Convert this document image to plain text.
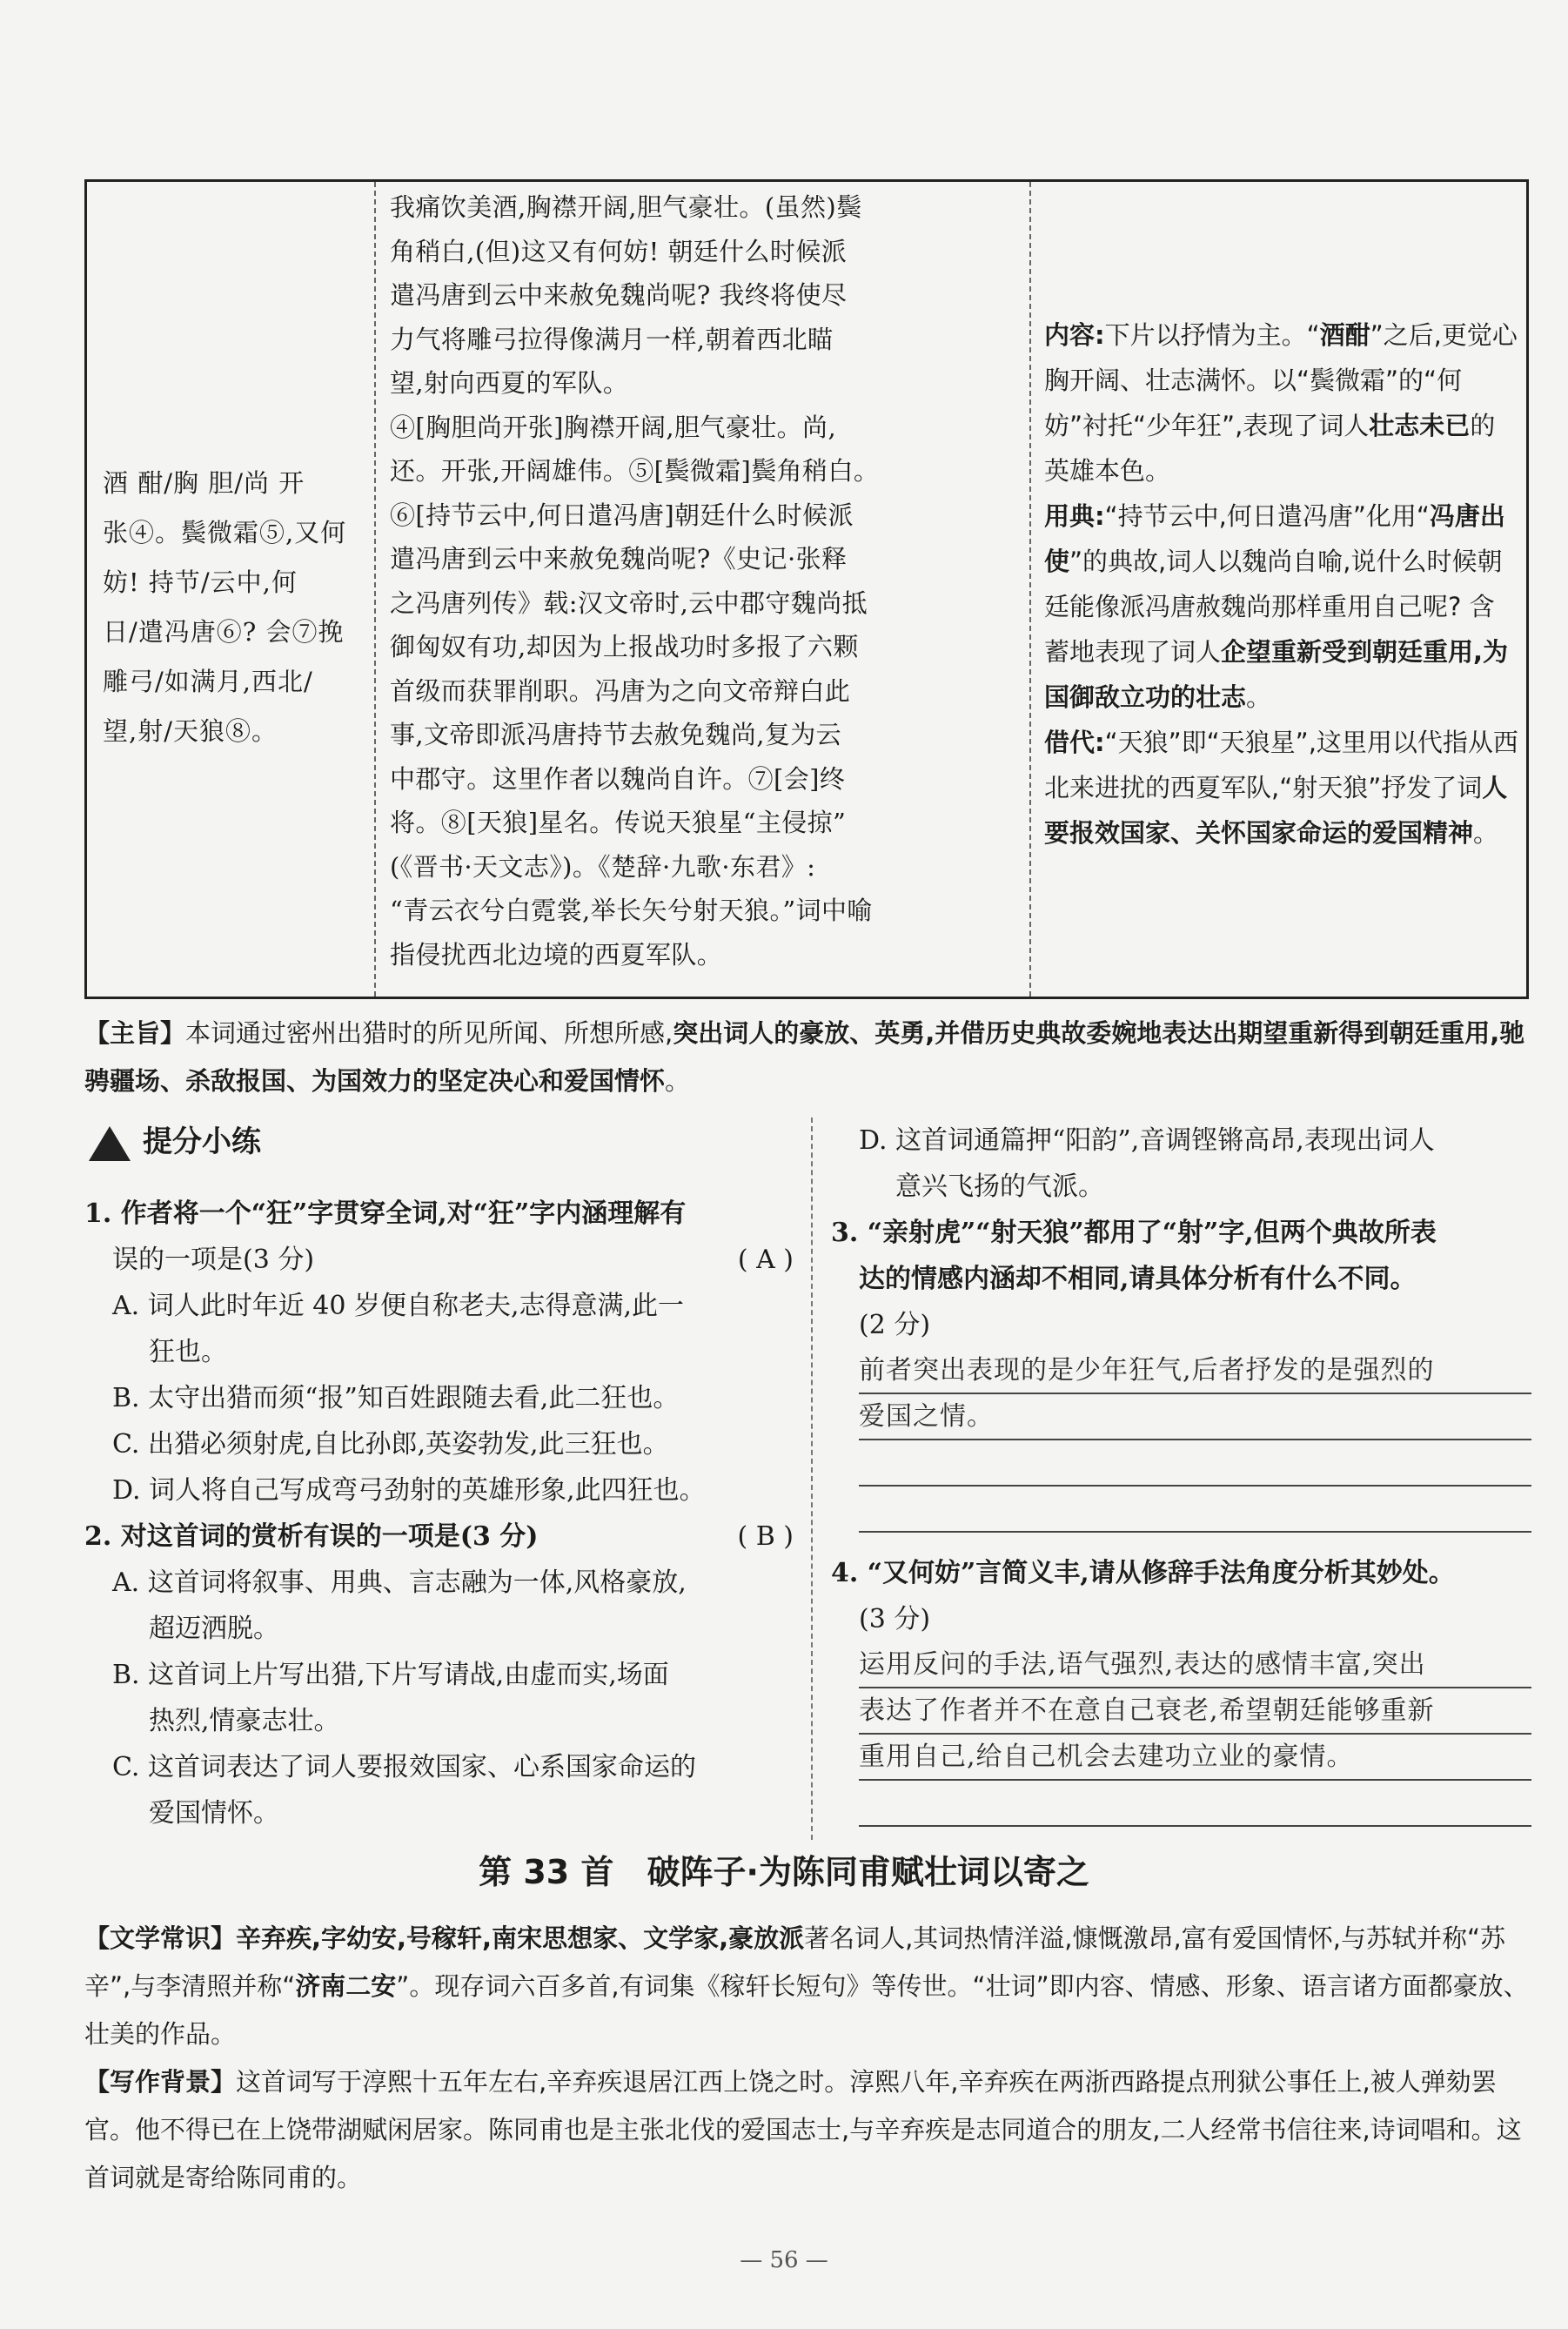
酒 酣/胸 胆/尚 开

张④。鬓微霜⑤,又何

妨! 持节/云中,何

日/遣冯唐⑥? 会⑦挽

雕弓/如满月,西北/

望,射/天狼⑧。

我痛饮美酒,胸襟开阔,胆气豪壮。(虽然)鬓

角稍白,(但)这又有何妨! 朝廷什么时候派

遣冯唐到云中来赦免魏尚呢? 我终将使尽

力气将雕弓拉得像满月一样,朝着西北瞄

望,射向西夏的军队。

④[胸胆尚开张]胸襟开阔,胆气豪壮。尚,

还。开张,开阔雄伟。⑤[鬓微霜]鬓角稍白。

⑥[持节云中,何日遣冯唐]朝廷什么时候派

遣冯唐到云中来赦免魏尚呢?《史记·张释

之冯唐列传》载:汉文帝时,云中郡守魏尚抵

御匈奴有功,却因为上报战功时多报了六颗

首级而获罪削职。冯唐为之向文帝辩白此

事,文帝即派冯唐持节去赦免魏尚,复为云

中郡守。这里作者以魏尚自许。⑦[会]终

将。⑧[天狼]星名。传说天狼星“主侵掠”

(《晋书·天文志》)。《楚辞·九歌·东君》:

“青云衣兮白霓裳,举长矢兮射天狼。”词中喻

指侵扰西北边境的西夏军队。

内容:下片以抒情为主。“酒酣”之后,更觉心胸开阔、壮志满怀。以“鬓微霜”的“何妨”衬托“少年狂”,表现了词人壮志未已的英雄本色。

用典:“持节云中,何日遣冯唐”化用“冯唐出使”的典故,词人以魏尚自喻,说什么时候朝廷能像派冯唐赦魏尚那样重用自己呢? 含蓄地表现了词人企望重新受到朝廷重用,为国御敌立功的壮志。

借代:“天狼”即“天狼星”,这里用以代指从西北来进扰的西夏军队,“射天狼”抒发了词人要报效国家、关怀国家命运的爱国精神。

【主旨】本词通过密州出猎时的所见所闻、所想所感,突出词人的豪放、英勇,并借历史典故委婉地表达出期望重新得到朝廷重用,驰骋疆场、杀敌报国、为国效力的坚定决心和爱国情怀。
提分小练

1. 作者将一个“狂”字贯穿全词,对“狂”字内涵理解有

误的一项是(3 分)	( A )

A. 词人此时年近 40 岁便自称老夫,志得意满,此一

狂也。

B. 太守出猎而须“报”知百姓跟随去看,此二狂也。

C. 出猎必须射虎,自比孙郎,英姿勃发,此三狂也。

D. 词人将自己写成弯弓劲射的英雄形象,此四狂也。

2. 对这首词的赏析有误的一项是(3 分)	( B )

A. 这首词将叙事、用典、言志融为一体,风格豪放,

超迈洒脱。

B. 这首词上片写出猎,下片写请战,由虚而实,场面

热烈,情豪志壮。

C. 这首词表达了词人要报效国家、心系国家命运的

爱国情怀。

D. 这首词通篇押“阳韵”,音调铿锵高昂,表现出词人

意兴飞扬的气派。

3. “亲射虎”“射天狼”都用了“射”字,但两个典故所表

达的情感内涵却不相同,请具体分析有什么不同。

(2 分)

前者突出表现的是少年狂气,后者抒发的是强烈的
爱国之情。

4. “又何妨”言简义丰,请从修辞手法角度分析其妙处。

(3 分)

运用反问的手法,语气强烈,表达的感情丰富,突出
表达了作者并不在意自己衰老,希望朝廷能够重新
重用自己,给自己机会去建功立业的豪情。
第 33 首　破阵子·为陈同甫赋壮词以寄之
【文学常识】辛弃疾,字幼安,号稼轩,南宋思想家、文学家,豪放派著名词人,其词热情洋溢,慷慨激昂,富有爱国情怀,与苏轼并称“苏辛”,与李清照并称“济南二安”。现存词六百多首,有词集《稼轩长短句》等传世。“壮词”即内容、情感、形象、语言诸方面都豪放、壮美的作品。
【写作背景】这首词写于淳熙十五年左右,辛弃疾退居江西上饶之时。淳熙八年,辛弃疾在两浙西路提点刑狱公事任上,被人弹劾罢官。他不得已在上饶带湖赋闲居家。陈同甫也是主张北伐的爱国志士,与辛弃疾是志同道合的朋友,二人经常书信往来,诗词唱和。这首词就是寄给陈同甫的。
— 56 —
